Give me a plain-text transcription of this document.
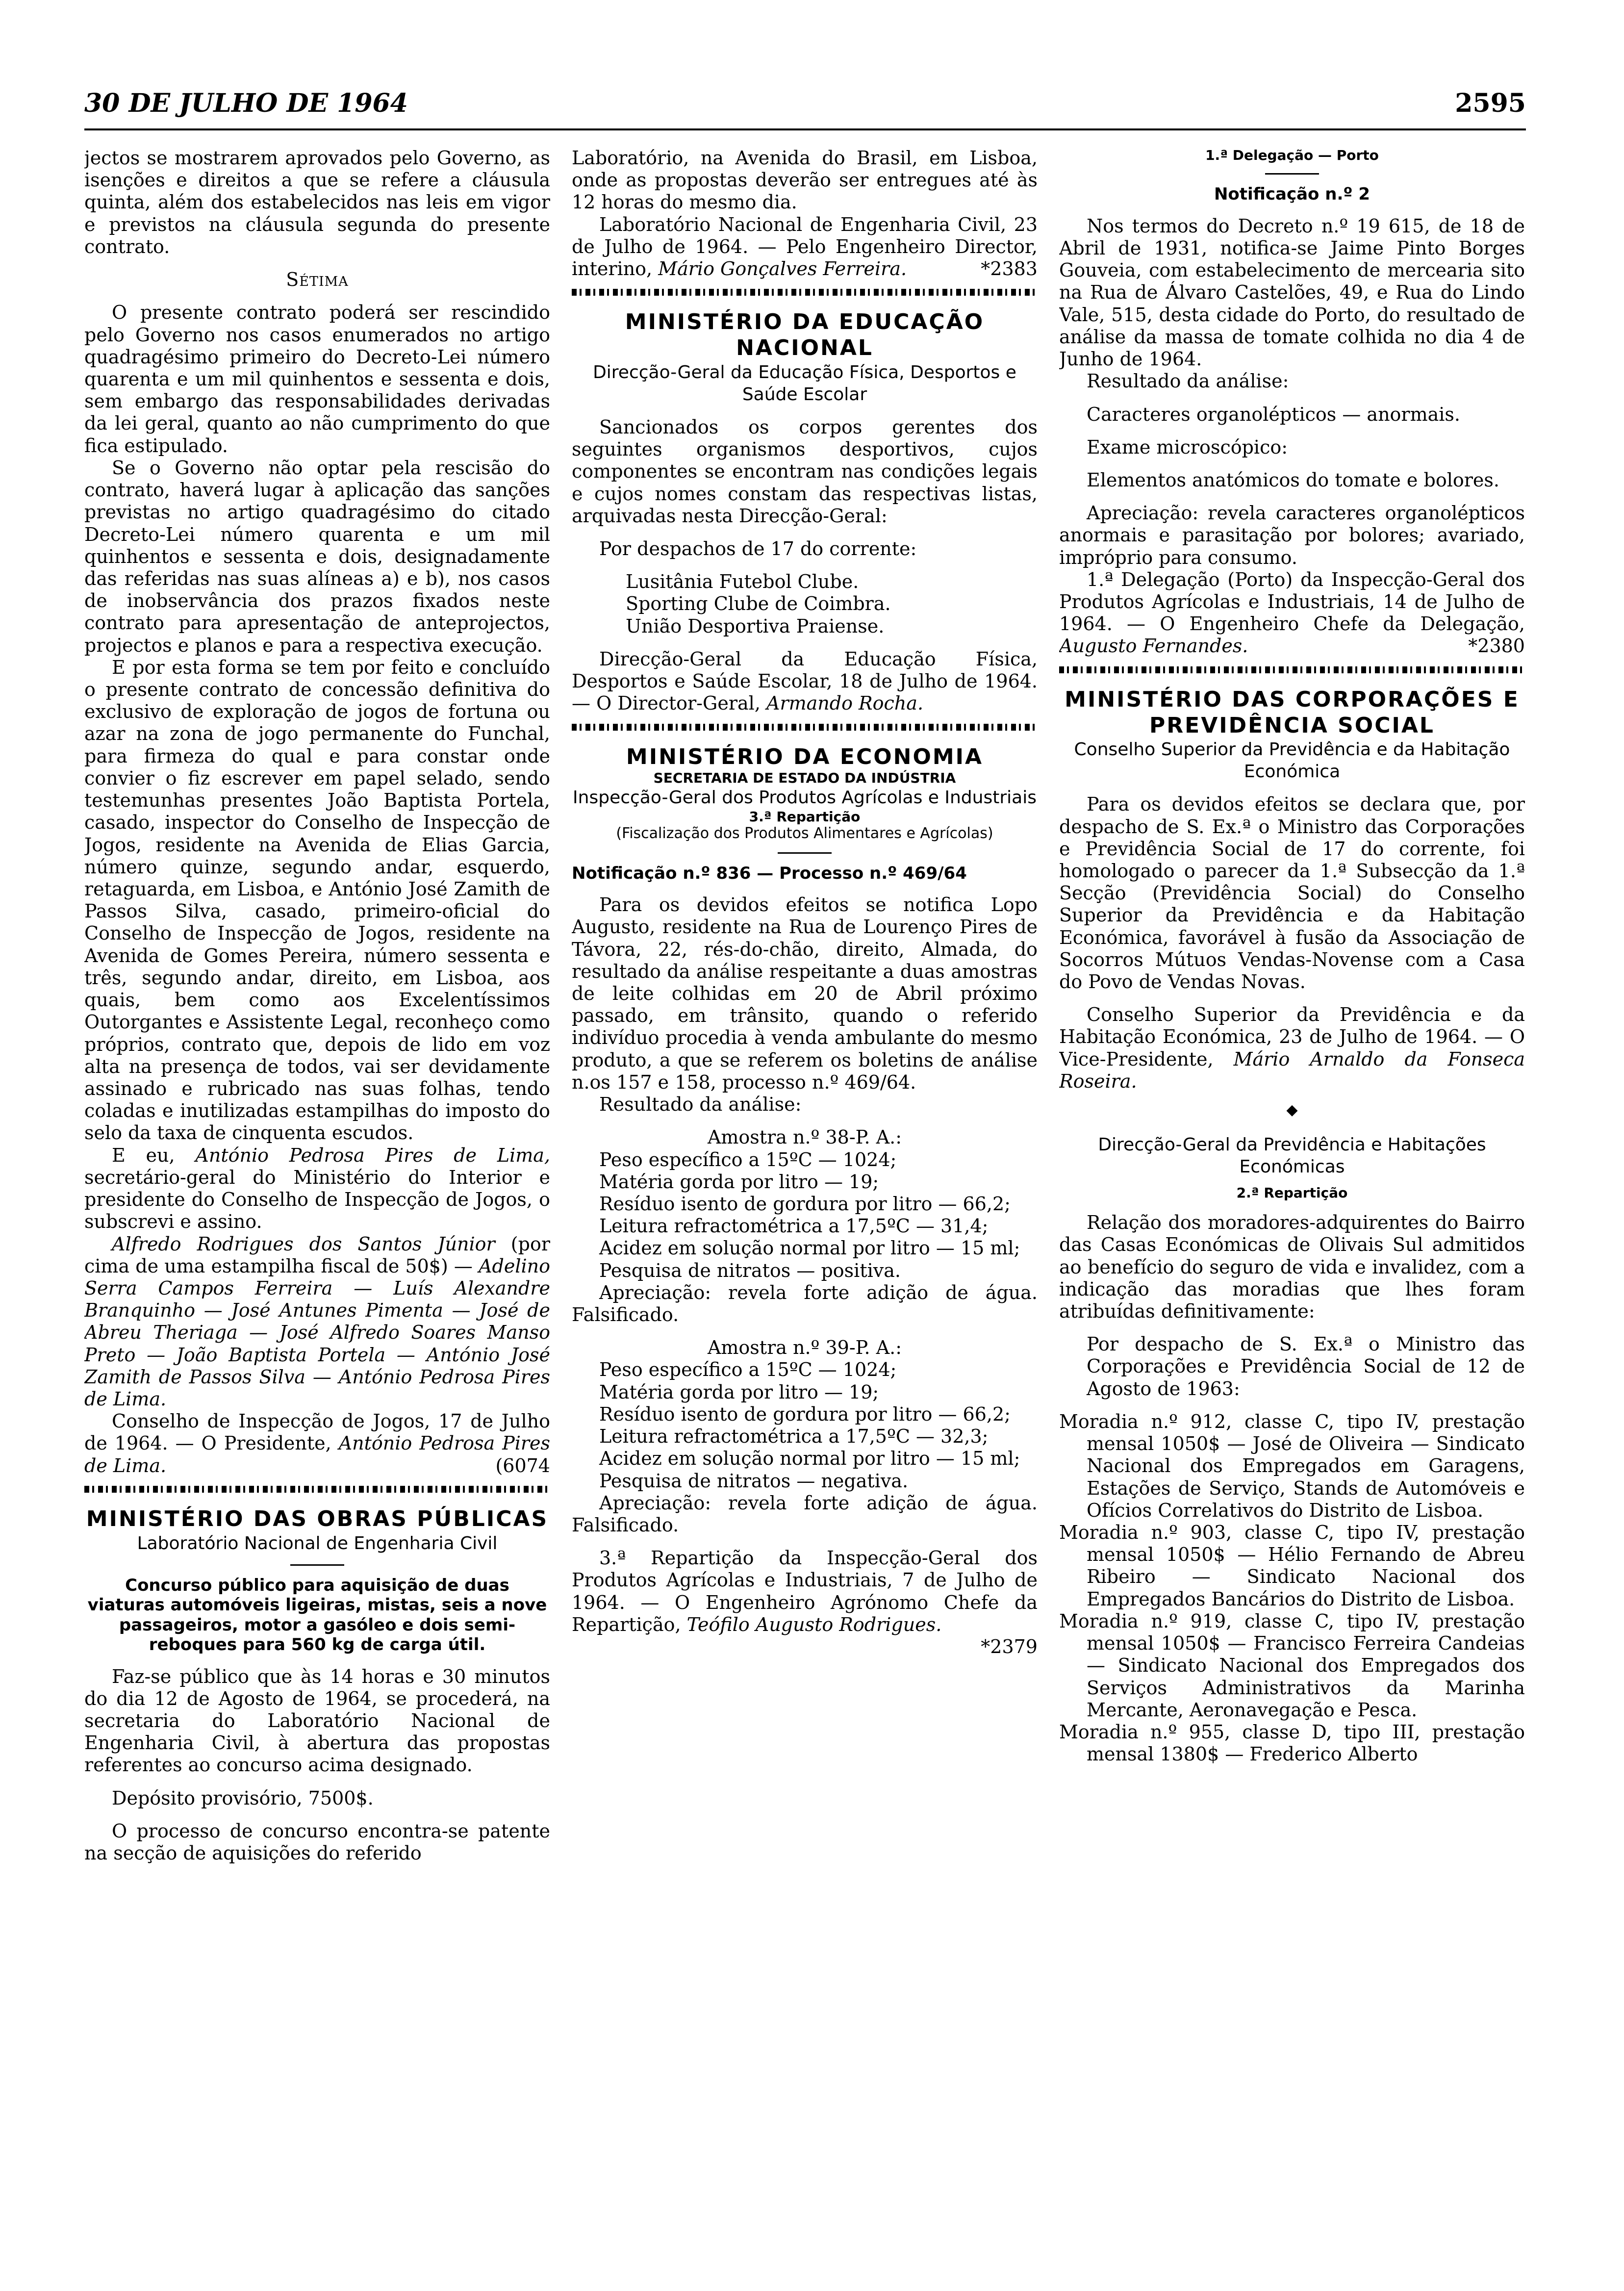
30 DE JULHO DE 1964	2595

jectos se mostrarem aprovados pelo Governo, as isenções e direitos a que se refere a cláusula quinta, além dos estabelecidos nas leis em vigor e previstos na cláusula segunda do presente contrato.

Sétima

O presente contrato poderá ser rescindido pelo Governo nos casos enumerados no artigo quadragésimo primeiro do Decreto-Lei número quarenta e um mil quinhentos e sessenta e dois, sem embargo das responsabilidades derivadas da lei geral, quanto ao não cumprimento do que fica estipulado.

Se o Governo não optar pela rescisão do contrato, haverá lugar à aplicação das sanções previstas no artigo quadragésimo do citado Decreto-Lei número quarenta e um mil quinhentos e sessenta e dois, designadamente das referidas nas suas alíneas a) e b), nos casos de inobservância dos prazos fixados neste contrato para apresentação de anteprojectos, projectos e planos e para a respectiva execução.

E por esta forma se tem por feito e concluído o presente contrato de concessão definitiva do exclusivo de exploração de jogos de fortuna ou azar na zona de jogo permanente do Funchal, para firmeza do qual e para constar onde convier o fiz escrever em papel selado, sendo testemunhas presentes João Baptista Portela, casado, inspector do Conselho de Inspecção de Jogos, residente na Avenida de Elias Garcia, número quinze, segundo andar, esquerdo, retaguarda, em Lisboa, e António José Zamith de Passos Silva, casado, primeiro-oficial do Conselho de Inspecção de Jogos, residente na Avenida de Gomes Pereira, número sessenta e três, segundo andar, direito, em Lisboa, aos quais, bem como aos Excelentíssimos Outorgantes e Assistente Legal, reconheço como próprios, contrato que, depois de lido em voz alta na presença de todos, vai ser devidamente assinado e rubricado nas suas folhas, tendo coladas e inutilizadas estampilhas do imposto do selo da taxa de cinquenta escudos.

E eu, António Pedrosa Pires de Lima, secretário-geral do Ministério do Interior e presidente do Conselho de Inspecção de Jogos, o subscrevi e assino.

Alfredo Rodrigues dos Santos Júnior (por cima de uma estampilha fiscal de 50$) — Adelino Serra Campos Ferreira — Luís Alexandre Branquinho — José Antunes Pimenta — José de Abreu Theriaga — José Alfredo Soares Manso Preto — João Baptista Portela — António José Zamith de Passos Silva — António Pedrosa Pires de Lima.

Conselho de Inspecção de Jogos, 17 de Julho de 1964. — O Presidente, António Pedrosa Pires de Lima.	(6074

MINISTÉRIO DAS OBRAS PÚBLICAS
Laboratório Nacional de Engenharia Civil

Concurso público para aquisição de duas viaturas automóveis ligeiras, mistas, seis a nove passageiros, motor a gasóleo e dois semi-reboques para 560 kg de carga útil.

Faz-se público que às 14 horas e 30 minutos do dia 12 de Agosto de 1964, se procederá, na secretaria do Laboratório Nacional de Engenharia Civil, à abertura das propostas referentes ao concurso acima designado.

Depósito provisório, 7500$.

O processo de concurso encontra-se patente na secção de aquisições do referido

Laboratório, na Avenida do Brasil, em Lisboa, onde as propostas deverão ser entregues até às 12 horas do mesmo dia.

Laboratório Nacional de Engenharia Civil, 23 de Julho de 1964. — Pelo Engenheiro Director, interino, Mário Gonçalves Ferreira.	*2383

MINISTÉRIO DA EDUCAÇÃO NACIONAL
Direcção-Geral da Educação Física, Desportos e Saúde Escolar

Sancionados os corpos gerentes dos seguintes organismos desportivos, cujos componentes se encontram nas condições legais e cujos nomes constam das respectivas listas, arquivadas nesta Direcção-Geral:

Por despachos de 17 do corrente:

Lusitânia Futebol Clube.

Sporting Clube de Coimbra.

União Desportiva Praiense.

Direcção-Geral da Educação Física, Desportos e Saúde Escolar, 18 de Julho de 1964. — O Director-Geral, Armando Rocha.

MINISTÉRIO DA ECONOMIA
SECRETARIA DE ESTADO DA INDÚSTRIA
Inspecção-Geral dos Produtos Agrícolas e Industriais
3.ª Repartição
(Fiscalização dos Produtos Alimentares e Agrícolas)

Notificação n.º 836 — Processo n.º 469/64

Para os devidos efeitos se notifica Lopo Augusto, residente na Rua de Lourenço Pires de Távora, 22, rés-do-chão, direito, Almada, do resultado da análise respeitante a duas amostras de leite colhidas em 20 de Abril próximo passado, em trânsito, quando o referido indivíduo procedia à venda ambulante do mesmo produto, a que se referem os boletins de análise n.os 157 e 158, processo n.º 469/64.

Resultado da análise:

Amostra n.º 38-P. A.:

Peso específico a 15ºC — 1024;

Matéria gorda por litro — 19;

Resíduo isento de gordura por litro — 66,2;

Leitura refractométrica a 17,5ºC — 31,4;

Acidez em solução normal por litro — 15 ml;

Pesquisa de nitratos — positiva.

Apreciação: revela forte adição de água. Falsificado.

Amostra n.º 39-P. A.:

Peso específico a 15ºC — 1024;

Matéria gorda por litro — 19;

Resíduo isento de gordura por litro — 66,2;

Leitura refractométrica a 17,5ºC — 32,3;

Acidez em solução normal por litro — 15 ml;

Pesquisa de nitratos — negativa.

Apreciação: revela forte adição de água. Falsificado.

3.ª Repartição da Inspecção-Geral dos Produtos Agrícolas e Industriais, 7 de Julho de 1964. — O Engenheiro Agrónomo Chefe da Repartição, Teófilo Augusto Rodrigues.

*2379

1.ª Delegação — Porto

Notificação n.º 2

Nos termos do Decreto n.º 19 615, de 18 de Abril de 1931, notifica-se Jaime Pinto Borges Gouveia, com estabelecimento de mercearia sito na Rua de Álvaro Castelões, 49, e Rua do Lindo Vale, 515, desta cidade do Porto, do resultado de análise da massa de tomate colhida no dia 4 de Junho de 1964.

Resultado da análise:

Caracteres organolépticos — anormais.

Exame microscópico:

Elementos anatómicos do tomate e bolores.

Apreciação: revela caracteres organolépticos anormais e parasitação por bolores; avariado, impróprio para consumo.

1.ª Delegação (Porto) da Inspecção-Geral dos Produtos Agrícolas e Industriais, 14 de Julho de 1964. — O Engenheiro Chefe da Delegação, Augusto Fernandes.	*2380

MINISTÉRIO DAS CORPORAÇÕES E PREVIDÊNCIA SOCIAL
Conselho Superior da Previdência e da Habitação Económica

Para os devidos efeitos se declara que, por despacho de S. Ex.ª o Ministro das Corporações e Previdência Social de 17 do corrente, foi homologado o parecer da 1.ª Subsecção da 1.ª Secção (Previdência Social) do Conselho Superior da Previdência e da Habitação Económica, favorável à fusão da Associação de Socorros Mútuos Vendas-Novense com a Casa do Povo de Vendas Novas.

Conselho Superior da Previdência e da Habitação Económica, 23 de Julho de 1964. — O Vice-Presidente, Mário Arnaldo da Fonseca Roseira.

◆
Direcção-Geral da Previdência e Habitações Económicas
2.ª Repartição

Relação dos moradores-adquirentes do Bairro das Casas Económicas de Olivais Sul admitidos ao benefício do seguro de vida e invalidez, com a indicação das moradias que lhes foram atribuídas definitivamente:

Por despacho de S. Ex.ª o Ministro das Corporações e Previdência Social de 12 de Agosto de 1963:

Moradia n.º 912, classe C, tipo IV, prestação mensal 1050$ — José de Oliveira — Sindicato Nacional dos Empregados em Garagens, Estações de Serviço, Stands de Automóveis e Ofícios Correlativos do Distrito de Lisboa.

Moradia n.º 903, classe C, tipo IV, prestação mensal 1050$ — Hélio Fernando de Abreu Ribeiro — Sindicato Nacional dos Empregados Bancários do Distrito de Lisboa.

Moradia n.º 919, classe C, tipo IV, prestação mensal 1050$ — Francisco Ferreira Candeias — Sindicato Nacional dos Empregados dos Serviços Administrativos da Marinha Mercante, Aeronavegação e Pesca.

Moradia n.º 955, classe D, tipo III, prestação mensal 1380$ — Frederico Alberto
